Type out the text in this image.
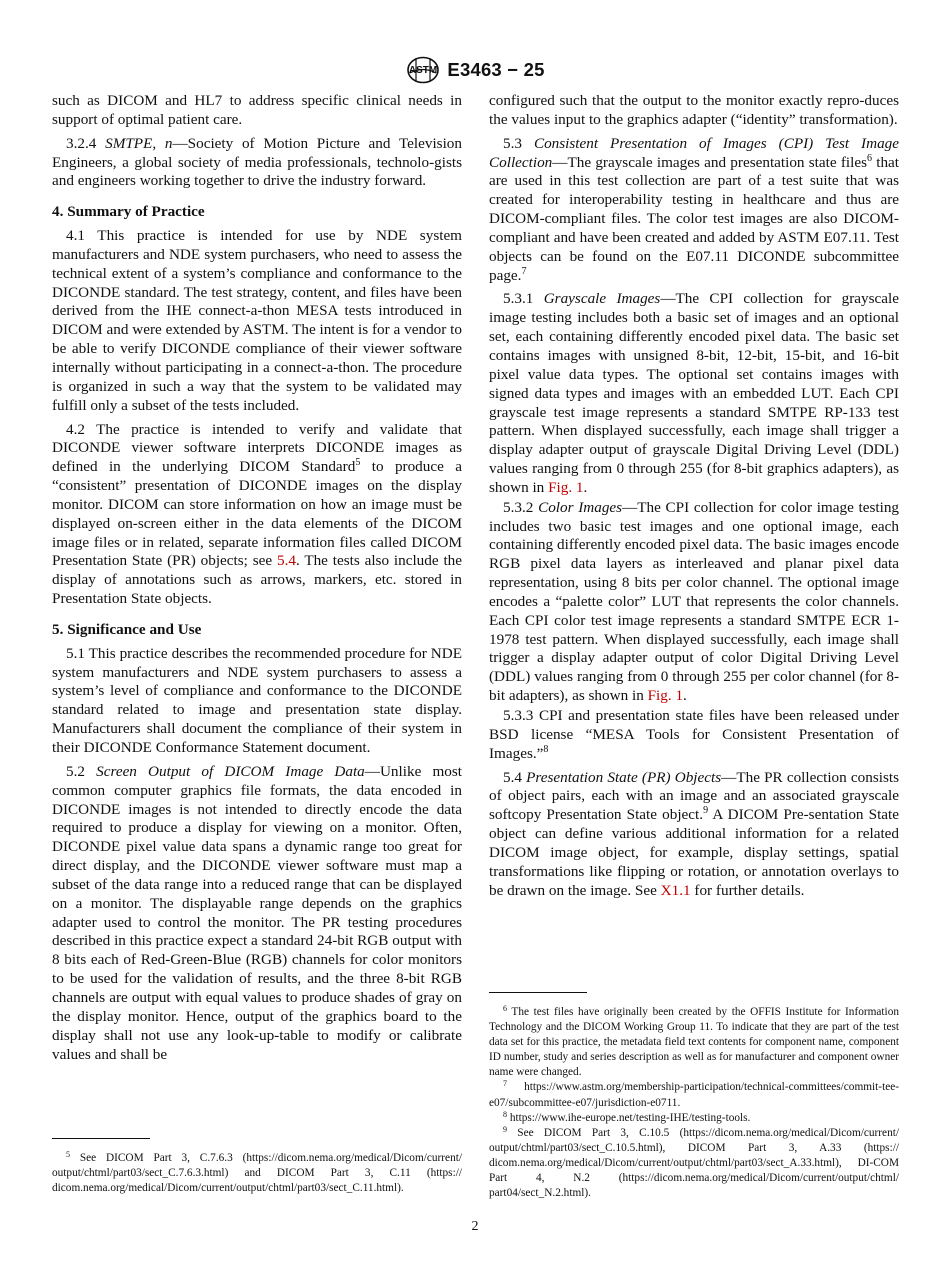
ASTM E3463 − 25

such as DICOM and HL7 to address specific clinical needs in support of optimal patient care.

3.2.4 SMTPE, n—Society of Motion Picture and Television Engineers, a global society of media professionals, technolo-gists and engineers working together to drive the industry forward.

4. Summary of Practice

4.1 This practice is intended for use by NDE system manufacturers and NDE system purchasers, who need to assess the technical extent of a system’s compliance and conformance to the DICONDE standard. The test strategy, content, and files have been derived from the IHE connect-a-thon MESA tests introduced in DICOM and were extended by ASTM. The intent is for a vendor to be able to verify DICONDE compliance of their viewer software internally without participating in a connect-a-thon. The procedure is organized in such a way that the system to be validated may fulfill only a subset of the tests included.

4.2 The practice is intended to verify and validate that DICONDE viewer software interprets DICONDE images as defined in the underlying DICOM Standard$^5$ to produce a “consistent” presentation of DICONDE images on the display monitor. DICOM can store information on how an image must be displayed on-screen either in the data elements of the DICOM image files or in related, separate information files called DICOM Presentation State (PR) objects; see 5.4. The tests also include the display of annotations such as arrows, markers, etc. stored in Presentation State objects.

5. Significance and Use

5.1 This practice describes the recommended procedure for NDE system manufacturers and NDE system purchasers to assess a system’s level of compliance and conformance to the DICONDE standard related to image and presentation state display. Manufacturers shall document the compliance of their system in their DICONDE Conformance Statement document.

5.2 Screen Output of DICOM Image Data—Unlike most common computer graphics file formats, the data encoded in DICONDE images is not intended to directly encode the data required to produce a display for viewing on a monitor. Often, DICONDE pixel value data spans a dynamic range too great for direct display, and the DICONDE viewer software must map a subset of the data range into a reduced range that can be displayed on a monitor. The displayable range depends on the graphics adapter used to control the monitor. The PR testing procedures described in this practice expect a standard 24-bit RGB output with 8 bits each of Red-Green-Blue (RGB) channels for color monitors to be used for the validation of results, and the three 8-bit RGB channels are output with equal values to produce shades of gray on the display monitor. Hence, output of the graphics board to the display shall not use any look-up-table to modify or calibrate values and shall be

$^5$ See DICOM Part 3, C.7.6.3 (https://dicom.nema.org/medical/Dicom/current/ output/chtml/part03/sect_C.7.6.3.html) and DICOM Part 3, C.11 (https:// dicom.nema.org/medical/Dicom/current/output/chtml/part03/sect_C.11.html).

configured such that the output to the monitor exactly repro-duces the values input to the graphics adapter (“identity” transformation).

5.3 Consistent Presentation of Images (CPI) Test Image Collection—The grayscale images and presentation state files$^6$ that are used in this test collection are part of a test suite that was created for interoperability testing in healthcare and thus are DICOM-compliant files. The color test images are also DICOM-compliant and have been created and added by ASTM E07.11. Test objects can be found on the E07.11 DICONDE subcommittee page.$^7$

5.3.1 Grayscale Images—The CPI collection for grayscale image testing includes both a basic set of images and an optional set, each containing differently encoded pixel data. The basic set contains images with unsigned 8-bit, 12-bit, 15-bit, and 16-bit pixel value data types. The optional set contains images with signed data types and images with an embedded LUT. Each CPI grayscale test image represents a standard SMTPE RP-133 test pattern. When displayed successfully, each image shall trigger a display adapter output of grayscale Digital Driving Level (DDL) values ranging from 0 through 255 (for 8-bit graphics adapters), as shown in Fig. 1.

5.3.2 Color Images—The CPI collection for color image testing includes two basic test images and one optional image, each containing differently encoded pixel data. The basic images encode RGB pixel data layers as interleaved and planar pixel data representation, using 8 bits per color channel. The optional image encodes a “palette color” LUT that represents the color channels. Each CPI color test image represents a standard SMTPE ECR 1-1978 test pattern. When displayed successfully, each image shall trigger a display adapter output of color Digital Driving Level (DDL) values ranging from 0 through 255 per color channel (for 8-bit adapters), as shown in Fig. 1.

5.3.3 CPI and presentation state files have been released under BSD license “MESA Tools for Consistent Presentation of Images.”$^8$

5.4 Presentation State (PR) Objects—The PR collection consists of object pairs, each with an image and an associated grayscale softcopy Presentation State object.$^9$ A DICOM Pre-sentation State object can define various additional information for a related DICOM image object, for example, display settings, spatial transformations like flipping or rotation, or annotation overlays to be drawn on the image. See X1.1 for further details.

$^6$ The test files have originally been created by the OFFIS Institute for Information Technology and the DICOM Working Group 11. To indicate that they are part of the test data set for this practice, the metadata field text contents for component name, component ID number, study and series description as well as for manufacturer and component owner name were changed.

$^7$ https://www.astm.org/membership-participation/technical-committees/commit-tee-e07/subcommittee-e07/jurisdiction-e0711.

$^8$ https://www.ihe-europe.net/testing-IHE/testing-tools.

$^9$ See DICOM Part 3, C.10.5 (https://dicom.nema.org/medical/Dicom/current/ output/chtml/part03/sect_C.10.5.html), DICOM Part 3, A.33 (https:// dicom.nema.org/medical/Dicom/current/output/chtml/part03/sect_A.33.html), DI-COM Part 4, N.2 (https://dicom.nema.org/medical/Dicom/current/output/chtml/ part04/sect_N.2.html).

2
